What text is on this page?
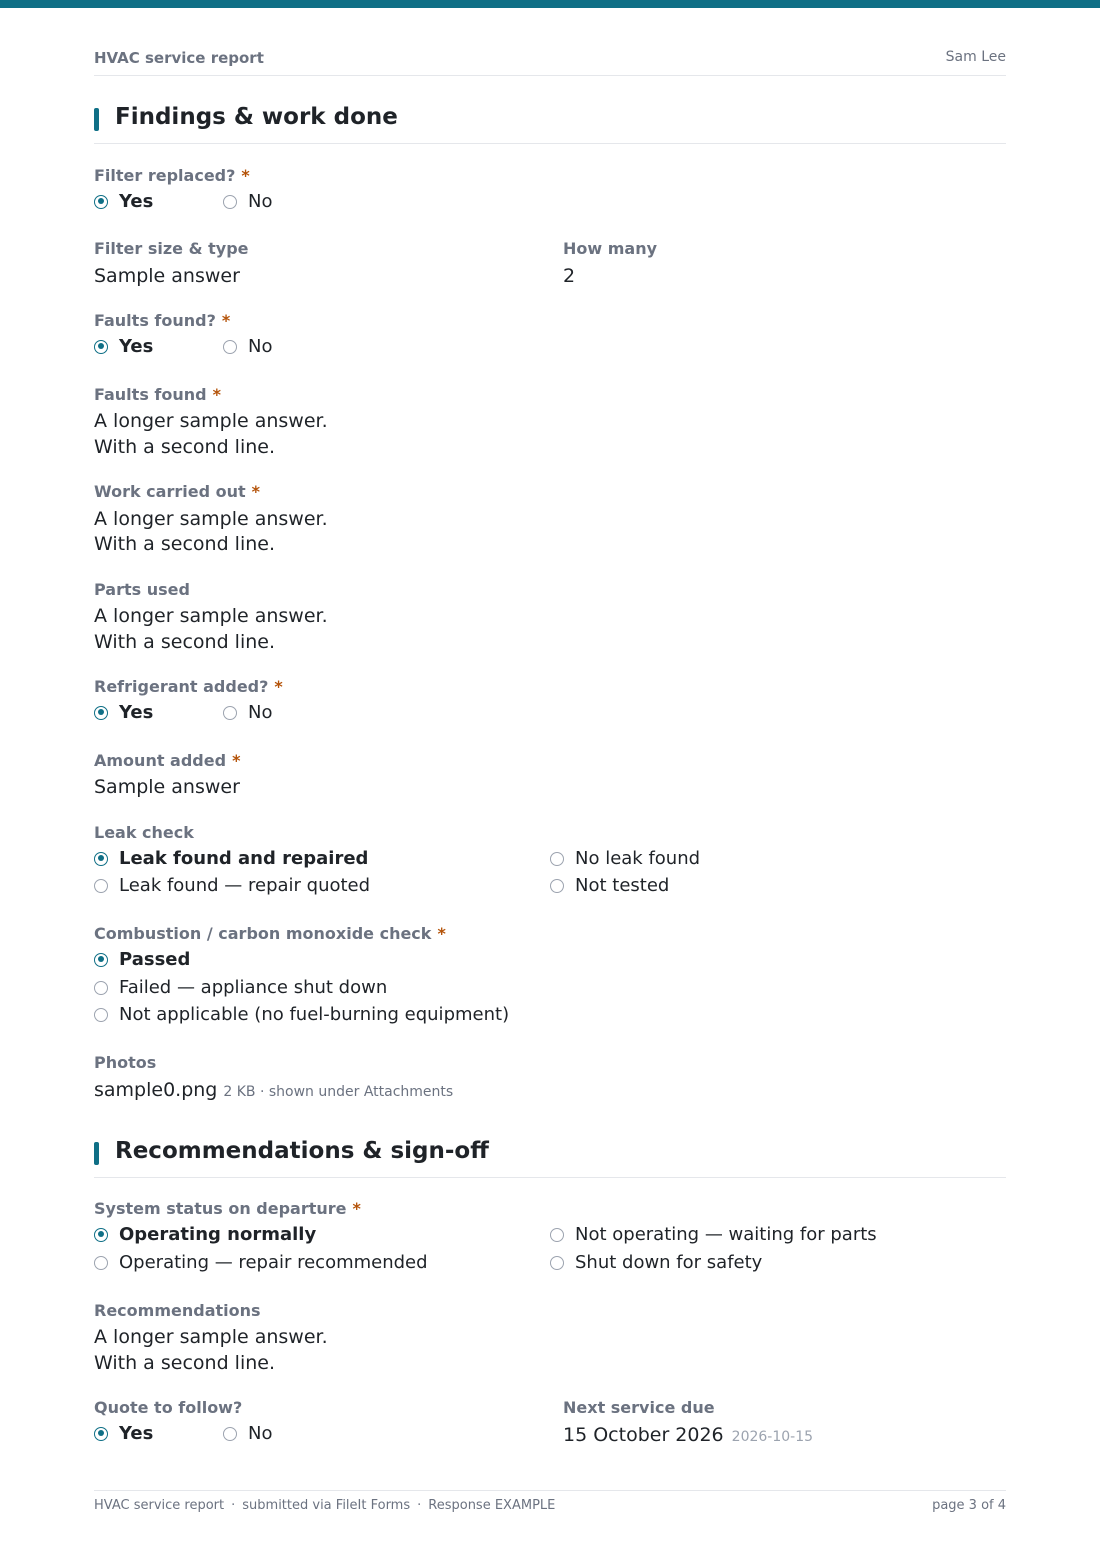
HVAC service report	Sam Lee
Findings & work done
Filter replaced? *
Yes	No
Filter size & type
Sample answer
How many
2
Faults found? *
Yes	No
Faults found *
A longer sample answer.
With a second line.
Work carried out *
A longer sample answer.
With a second line.
Parts used
A longer sample answer.
With a second line.
Refrigerant added? *
Yes	No
Amount added *
Sample answer
Leak check
Leak found and repaired
Leak found — repair quoted
No leak found
Not tested
Combustion / carbon monoxide check *
Passed
Failed — appliance shut down
Not applicable (no fuel-burning equipment)
Photos
sample0.png 2 KB · shown under Attachments
Recommendations & sign-off
System status on departure *
Operating normally
Operating — repair recommended
Not operating — waiting for parts
Shut down for safety
Recommendations
A longer sample answer.
With a second line.
Quote to follow?
Yes	No
Next service due
15 October 2026 2026-10-15
HVAC service report · submitted via FileIt Forms · Response EXAMPLE	page 3 of 4
